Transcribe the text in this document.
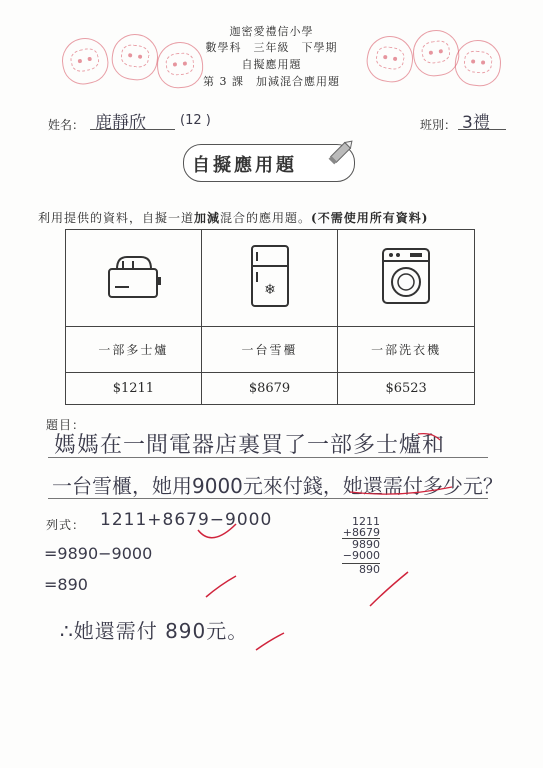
迦密愛禮信小學
數學科　三年級　下學期
自擬應用題
第 3 課　加減混合應用題
姓名： 鹿靜欣	(12 )	班別： 3禮
自擬應用題
利用提供的資料，自擬一道加減混合的應用題。(不需使用所有資料)

❄

一部多士爐	一台雪櫃	一部洗衣機
$1211	$8679	$6523
題目：
媽媽在一間電器店裏買了一部多士爐和
一台雪櫃，她用9000元來付錢，她還需付多少元？
列式： 1211+8679−9000
=9890−9000
=890
∴她還需付 890元。
1211
+8679
9890
−9000
890
